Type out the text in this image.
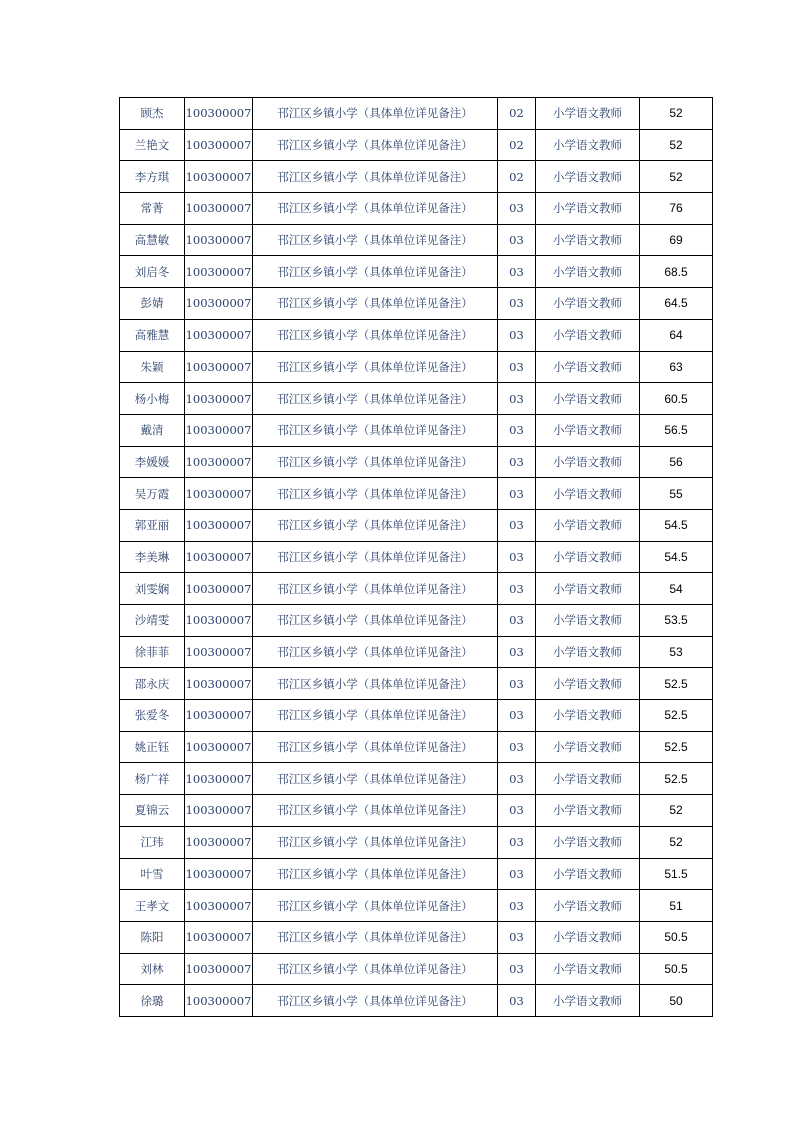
顾杰	100300007	邗江区乡镇小学（具体单位详见备注）	02	小学语文教师	52
兰艳文	100300007	邗江区乡镇小学（具体单位详见备注）	02	小学语文教师	52
李方琪	100300007	邗江区乡镇小学（具体单位详见备注）	02	小学语文教师	52
常菁	100300007	邗江区乡镇小学（具体单位详见备注）	03	小学语文教师	76
高慧敏	100300007	邗江区乡镇小学（具体单位详见备注）	03	小学语文教师	69
刘启冬	100300007	邗江区乡镇小学（具体单位详见备注）	03	小学语文教师	68.5
彭婧	100300007	邗江区乡镇小学（具体单位详见备注）	03	小学语文教师	64.5
高雅慧	100300007	邗江区乡镇小学（具体单位详见备注）	03	小学语文教师	64
朱颖	100300007	邗江区乡镇小学（具体单位详见备注）	03	小学语文教师	63
杨小梅	100300007	邗江区乡镇小学（具体单位详见备注）	03	小学语文教师	60.5
戴清	100300007	邗江区乡镇小学（具体单位详见备注）	03	小学语文教师	56.5
李媛媛	100300007	邗江区乡镇小学（具体单位详见备注）	03	小学语文教师	56
吴万霞	100300007	邗江区乡镇小学（具体单位详见备注）	03	小学语文教师	55
郭亚丽	100300007	邗江区乡镇小学（具体单位详见备注）	03	小学语文教师	54.5
李美琳	100300007	邗江区乡镇小学（具体单位详见备注）	03	小学语文教师	54.5
刘雯娴	100300007	邗江区乡镇小学（具体单位详见备注）	03	小学语文教师	54
沙靖雯	100300007	邗江区乡镇小学（具体单位详见备注）	03	小学语文教师	53.5
徐菲菲	100300007	邗江区乡镇小学（具体单位详见备注）	03	小学语文教师	53
邵永庆	100300007	邗江区乡镇小学（具体单位详见备注）	03	小学语文教师	52.5
张爱冬	100300007	邗江区乡镇小学（具体单位详见备注）	03	小学语文教师	52.5
姚正钰	100300007	邗江区乡镇小学（具体单位详见备注）	03	小学语文教师	52.5
杨广祥	100300007	邗江区乡镇小学（具体单位详见备注）	03	小学语文教师	52.5
夏锦云	100300007	邗江区乡镇小学（具体单位详见备注）	03	小学语文教师	52
江玮	100300007	邗江区乡镇小学（具体单位详见备注）	03	小学语文教师	52
叶雪	100300007	邗江区乡镇小学（具体单位详见备注）	03	小学语文教师	51.5
王孝文	100300007	邗江区乡镇小学（具体单位详见备注）	03	小学语文教师	51
陈阳	100300007	邗江区乡镇小学（具体单位详见备注）	03	小学语文教师	50.5
刘林	100300007	邗江区乡镇小学（具体单位详见备注）	03	小学语文教师	50.5
徐璐	100300007	邗江区乡镇小学（具体单位详见备注）	03	小学语文教师	50
